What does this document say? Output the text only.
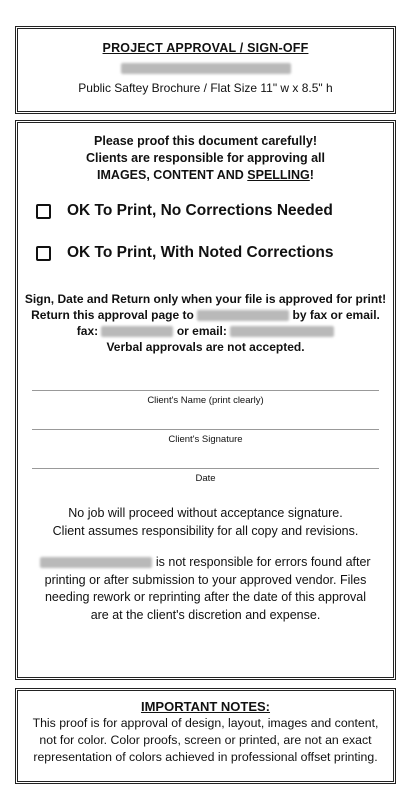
PROJECT APPROVAL / SIGN-OFF
Public Saftey Brochure / Flat Size 11" w x 8.5" h
Please proof this document carefully!
Clients are responsible for approving all
IMAGES, CONTENT AND SPELLING!
OK To Print, No Corrections Needed
OK To Print, With Noted Corrections
Sign, Date and Return only when your file is approved for print!
Return this approval page to	by fax or email.
fax:	or email:
Verbal approvals are not accepted.
Client's Name (print clearly)
Client's Signature
Date
No job will proceed without acceptance signature.
Client assumes responsibility for all copy and revisions.
is not responsible for errors found after
printing or after submission to your approved vendor. Files
needing rework or reprinting after the date of this approval
are at the client's discretion and expense.
IMPORTANT NOTES:
This proof is for approval of design, layout, images and content,
not for color. Color proofs, screen or printed, are not an exact
representation of colors achieved in professional offset printing.
